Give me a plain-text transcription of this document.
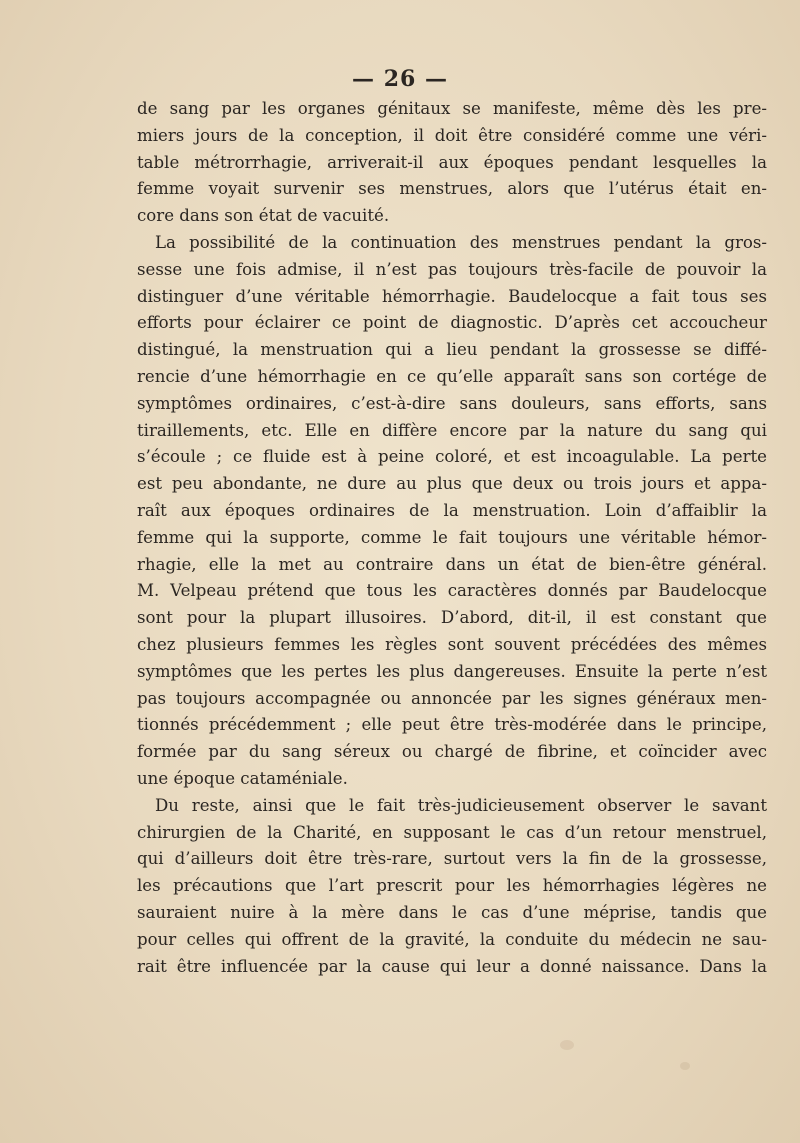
— 26 —
de sang par les organes génitaux se manifeste, même dès les pre-
miers jours de la conception, il doit être considéré comme une véri-
table métrorrhagie, arriverait-il aux époques pendant lesquelles la
femme voyait survenir ses menstrues, alors que l’utérus était en-
core dans son état de vacuité.
La possibilité de la continuation des menstrues pendant la gros-
sesse une fois admise, il n’est pas toujours très-facile de pouvoir la
distinguer d’une véritable hémorrhagie. Baudelocque a fait tous ses
efforts pour éclairer ce point de diagnostic. D’après cet accoucheur
distingué, la menstruation qui a lieu pendant la grossesse se diffé-
rencie d’une hémorrhagie en ce qu’elle apparaît sans son cortége de
symptômes ordinaires, c’est-à-dire sans douleurs, sans efforts, sans
tiraillements, etc. Elle en diffère encore par la nature du sang qui
s’écoule ; ce fluide est à peine coloré, et est incoagulable. La perte
est peu abondante, ne dure au plus que deux ou trois jours et appa-
raît aux époques ordinaires de la menstruation. Loin d’affaiblir la
femme qui la supporte, comme le fait toujours une véritable hémor-
rhagie, elle la met au contraire dans un état de bien-être général.
M. Velpeau prétend que tous les caractères donnés par Baudelocque
sont pour la plupart illusoires. D’abord, dit-il, il est constant que
chez plusieurs femmes les règles sont souvent précédées des mêmes
symptômes que les pertes les plus dangereuses. Ensuite la perte n’est
pas toujours accompagnée ou annoncée par les signes généraux men-
tionnés précédemment ; elle peut être très-modérée dans le principe,
formée par du sang séreux ou chargé de fibrine, et coïncider avec
une époque cataméniale.
Du reste, ainsi que le fait très-judicieusement observer le savant
chirurgien de la Charité, en supposant le cas d’un retour menstruel,
qui d’ailleurs doit être très-rare, surtout vers la fin de la grossesse,
les précautions que l’art prescrit pour les hémorrhagies légères ne
sauraient nuire à la mère dans le cas d’une méprise, tandis que
pour celles qui offrent de la gravité, la conduite du médecin ne sau-
rait être influencée par la cause qui leur a donné naissance. Dans la
